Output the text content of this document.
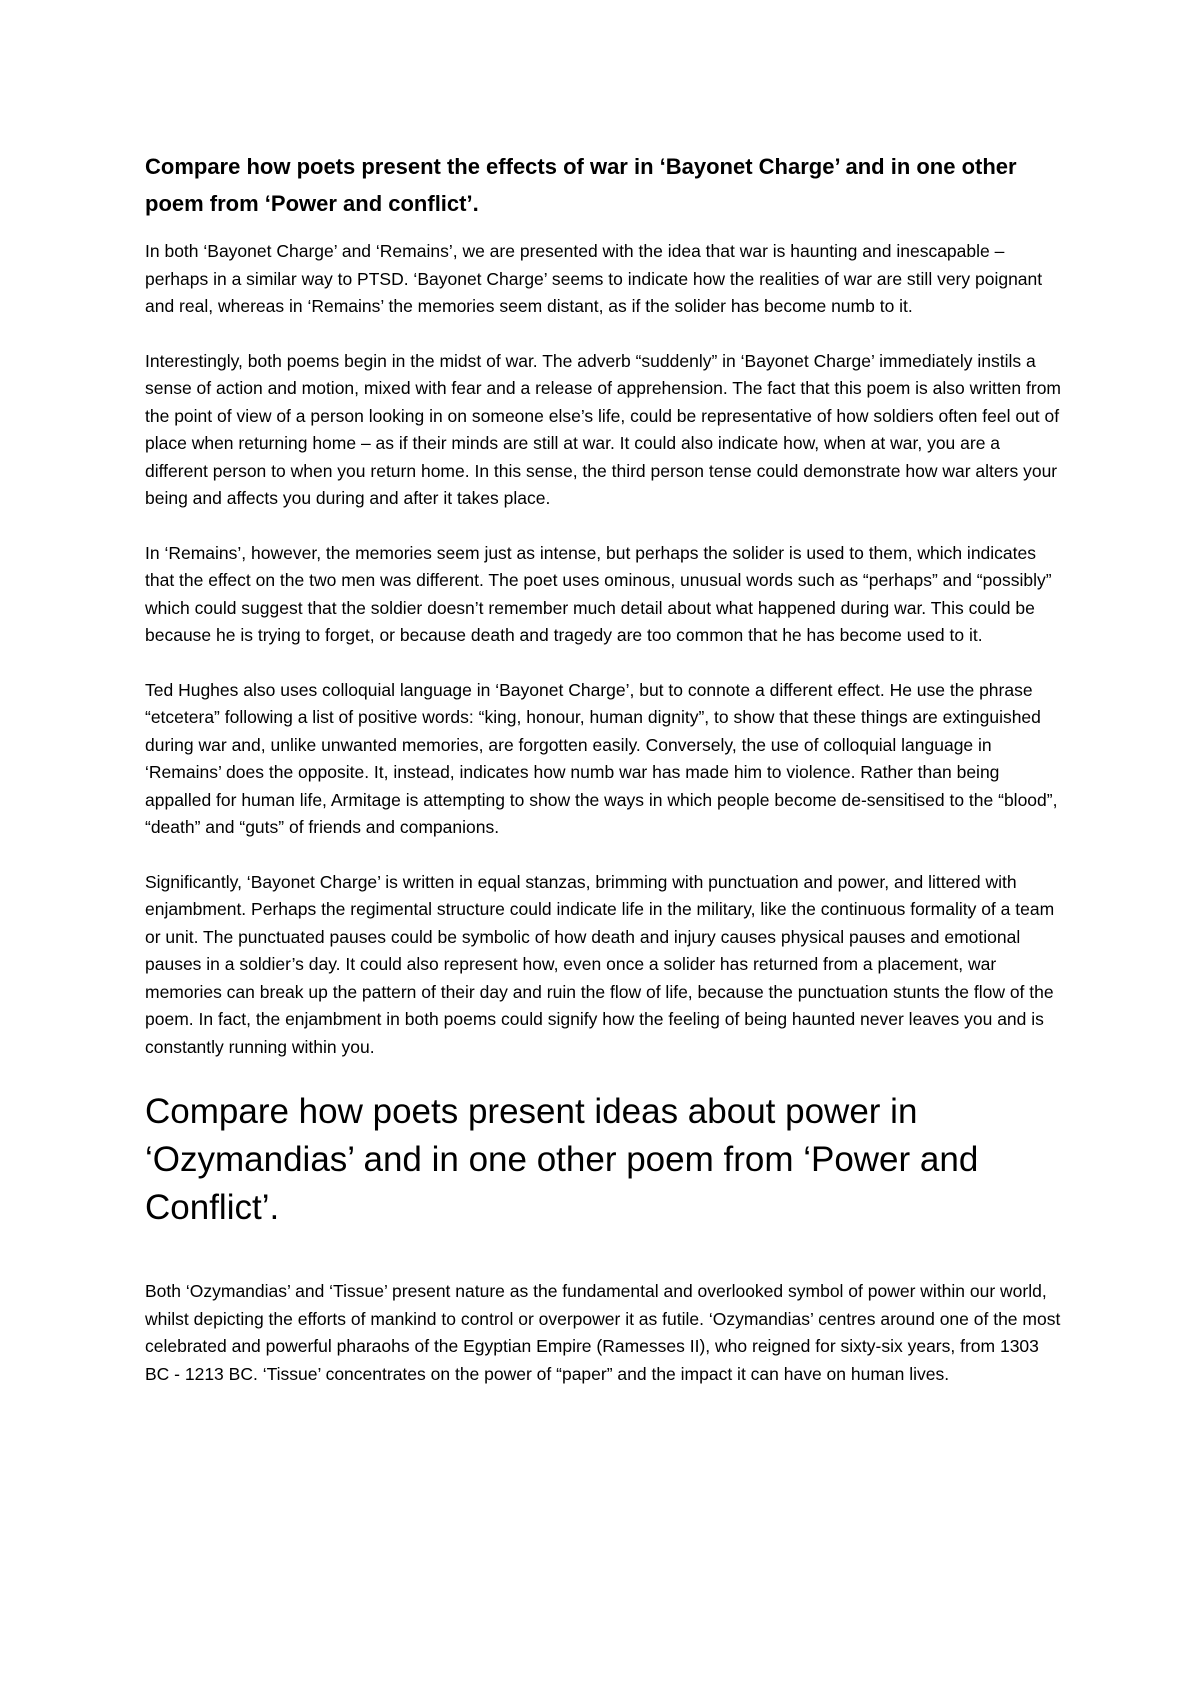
Compare how poets present the effects of war in ‘Bayonet Charge’ and in one other poem from ‘Power and conflict’.

In both ‘Bayonet Charge’ and ‘Remains’, we are presented with the idea that war is haunting and inescapable – perhaps in a similar way to PTSD. ‘Bayonet Charge’ seems to indicate how the realities of war are still very poignant and real, whereas in ‘Remains’ the memories seem distant, as if the solider has become numb to it.

Interestingly, both poems begin in the midst of war. The adverb “suddenly” in ‘Bayonet Charge’ immediately instils a sense of action and motion, mixed with fear and a release of apprehension. The fact that this poem is also written from the point of view of a person looking in on someone else’s life, could be representative of how soldiers often feel out of place when returning home – as if their minds are still at war. It could also indicate how, when at war, you are a different person to when you return home. In this sense, the third person tense could demonstrate how war alters your being and affects you during and after it takes place.

In ‘Remains’, however, the memories seem just as intense, but perhaps the solider is used to them, which indicates that the effect on the two men was different. The poet uses ominous, unusual words such as “perhaps” and “possibly” which could suggest that the soldier doesn’t remember much detail about what happened during war. This could be because he is trying to forget, or because death and tragedy are too common that he has become used to it.

Ted Hughes also uses colloquial language in ‘Bayonet Charge’, but to connote a different effect. He use the phrase “etcetera” following a list of positive words: “king, honour, human dignity”, to show that these things are extinguished during war and, unlike unwanted memories, are forgotten easily. Conversely, the use of colloquial language in ‘Remains’ does the opposite. It, instead, indicates how numb war has made him to violence. Rather than being appalled for human life, Armitage is attempting to show the ways in which people become de-sensitised to the “blood”, “death” and “guts” of friends and companions.

Significantly, ‘Bayonet Charge’ is written in equal stanzas, brimming with punctuation and power, and littered with enjambment. Perhaps the regimental structure could indicate life in the military, like the continuous formality of a team or unit. The punctuated pauses could be symbolic of how death and injury causes physical pauses and emotional pauses in a soldier’s day. It could also represent how, even once a solider has returned from a placement, war memories can break up the pattern of their day and ruin the flow of life, because the punctuation stunts the flow of the poem. In fact, the enjambment in both poems could signify how the feeling of being haunted never leaves you and is constantly running within you.

Compare how poets present ideas about power in ‘Ozymandias’ and in one other poem from ‘Power and Conflict’.

Both ‘Ozymandias’ and ‘Tissue’ present nature as the fundamental and overlooked symbol of power within our world, whilst depicting the efforts of mankind to control or overpower it as futile. ‘Ozymandias’ centres around one of the most celebrated and powerful pharaohs of the Egyptian Empire (Ramesses II), who reigned for sixty-six years, from 1303 BC - 1213 BC. ‘Tissue’ concentrates on the power of “paper” and the impact it can have on human lives.
